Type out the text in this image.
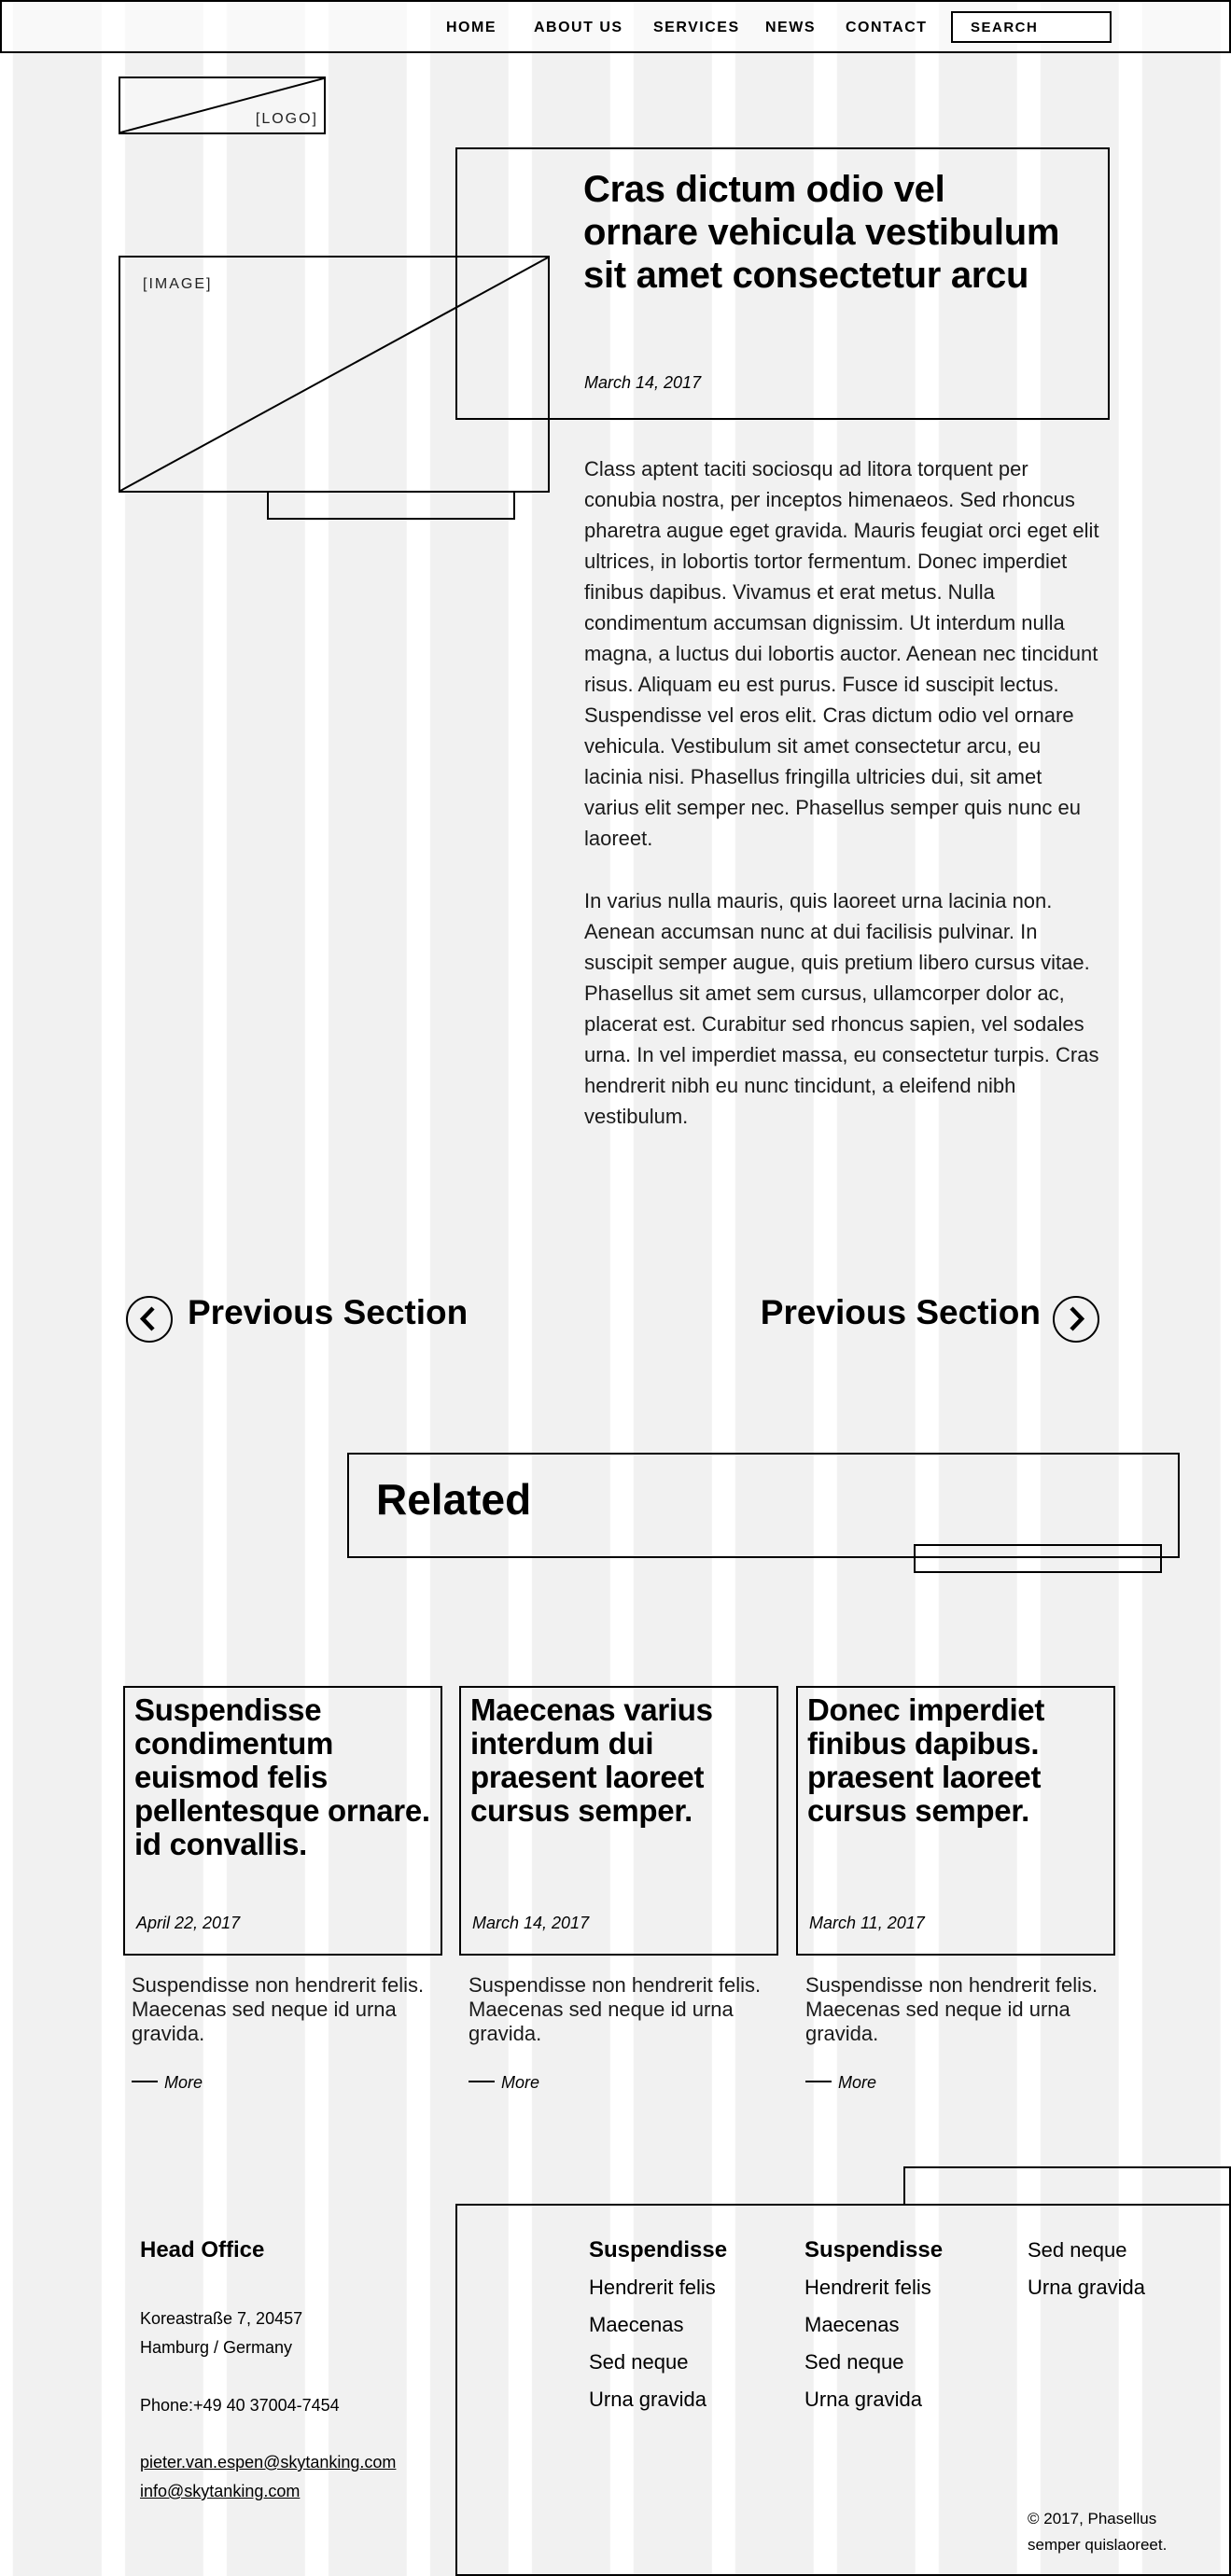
HOME	ABOUT US SERVICES NEWS CONTACT	SEARCH
[LOGO]
[IMAGE]
Cras dictum odio vel ornare vehicula vestibulum sit amet consectetur arcu
March 14, 2017
Class aptent taciti sociosqu ad litora torquent per conubia nostra, per inceptos himenaeos. Sed rhoncus pharetra augue eget gravida. Mauris feugiat orci eget elit ultrices, in lobortis tortor fermentum. Donec imperdiet finibus dapibus. Vivamus et erat metus. Nulla condimentum accumsan dignissim. Ut interdum nulla magna, a luctus dui lobortis auctor. Aenean nec tincidunt risus. Aliquam eu est purus. Fusce id suscipit lectus. Suspendisse vel eros elit. Cras dictum odio vel ornare vehicula. Vestibulum sit amet consectetur arcu, eu lacinia nisi. Phasellus fringilla ultricies dui, sit amet varius elit semper nec. Phasellus semper quis nunc eu laoreet.
In varius nulla mauris, quis laoreet urna lacinia non. Aenean accumsan nunc at dui facilisis pulvinar. In suscipit semper augue, quis pretium libero cursus vitae. Phasellus sit amet sem cursus, ullamcorper dolor ac, placerat est. Curabitur sed rhoncus sapien, vel sodales urna. In vel imperdiet massa, eu consectetur turpis. Cras hendrerit nibh eu nunc tincidunt, a eleifend nibh vestibulum.
Previous Section	Previous Section
Related
Suspendisse condimentum euismod felis pellentesque ornare. id convallis.
April 22, 2017
Suspendisse non hendrerit felis. Maecenas sed neque id urna gravida.
More
Maecenas varius interdum dui praesent laoreet cursus semper.
March 14, 2017
Suspendisse non hendrerit felis. Maecenas sed neque id urna gravida.
More
Donec imperdiet finibus dapibus. praesent laoreet cursus semper.
March 11, 2017
Suspendisse non hendrerit felis. Maecenas sed neque id urna gravida.
More
Head Office
Koreastraße 7, 20457
Hamburg / Germany
Phone:+49 40 37004-7454
pieter.van.espen@skytanking.com
info@skytanking.com
Suspendisse
Hendrerit felis
Maecenas
Sed neque
Urna gravida
Suspendisse
Hendrerit felis
Maecenas
Sed neque
Urna gravida
Sed neque
Urna gravida
© 2017, Phasellus
semper quislaoreet.
